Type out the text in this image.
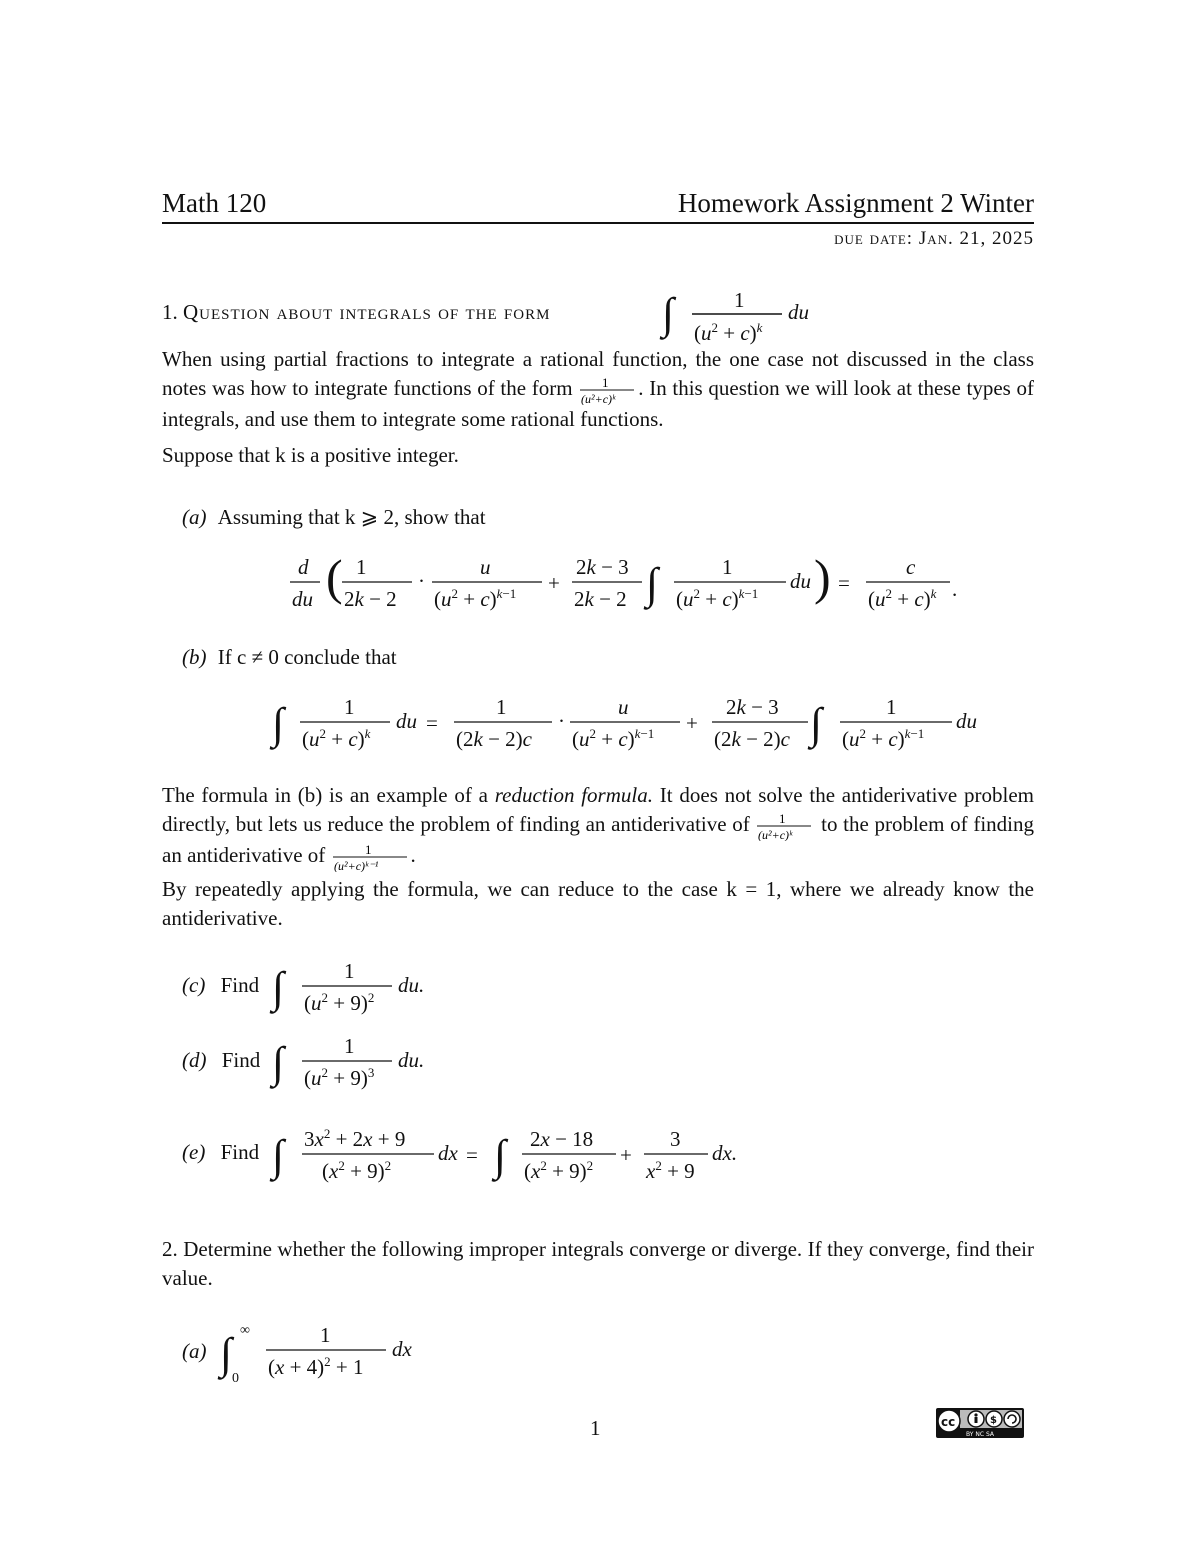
Math 120	Homework Assignment 2 Winter
due date: Jan. 21, 2025
1. Question about integrals of the form	∫	1
$(u^2 + c)^k$
du
When using partial fractions to integrate a rational function, the one case not discussed in the class notes was how to integrate functions of the form 1
(u²+c)ᵏ . In this question we will look at these types of integrals, and use them to integrate some rational functions.
Suppose that k is a positive integer.
(a) Assuming that k ⩾ 2, show that
d
du ( 1
2k − 2
·
u
$(u^2 + c)^k-1$ +
2k − 3
2k − 2 ∫	1
$(u^2 + c)^k-1$
du ) =
c
$(u^2 + c)^k$ .
(b) If c ≠ 0 conclude that
∫	1
$(u^2 + c)^k$
du =
1
(2k − 2)c
·
u
$(u^2 + c)^k-1$ +
2k − 3
(2k − 2)c ∫	1
$(u^2 + c)^k-1$
du
The formula in (b) is an example of a reduction formula. It does not solve the antiderivative problem directly, but lets us reduce the problem of finding an antiderivative of 1
(u²+c)ᵏ to the problem of finding an antiderivative of	1
(u²+c)ᵏ⁻¹ .
By repeatedly applying the formula, we can reduce to the case k = 1, where we already know the antiderivative.
(c) Find ∫	1
$(u^2 + 9)^2$
du.
(d) Find ∫	1
$(u^2 + 9)^3$
du.
(e) Find ∫ $3x^2 + 2x + 9$
$(x^2 + 9)^2$
dx = ∫ 2x − 18
$(x^2 + 9)^2$ +
3
$x^2 + 9$
dx.
2. Determine whether the following improper integrals converge or diverge. If they converge, find their value.
(a) ∫ ∞
0
1
$(x + 4)^2 + 1$
dx
1	cc	$
BY NC SA
